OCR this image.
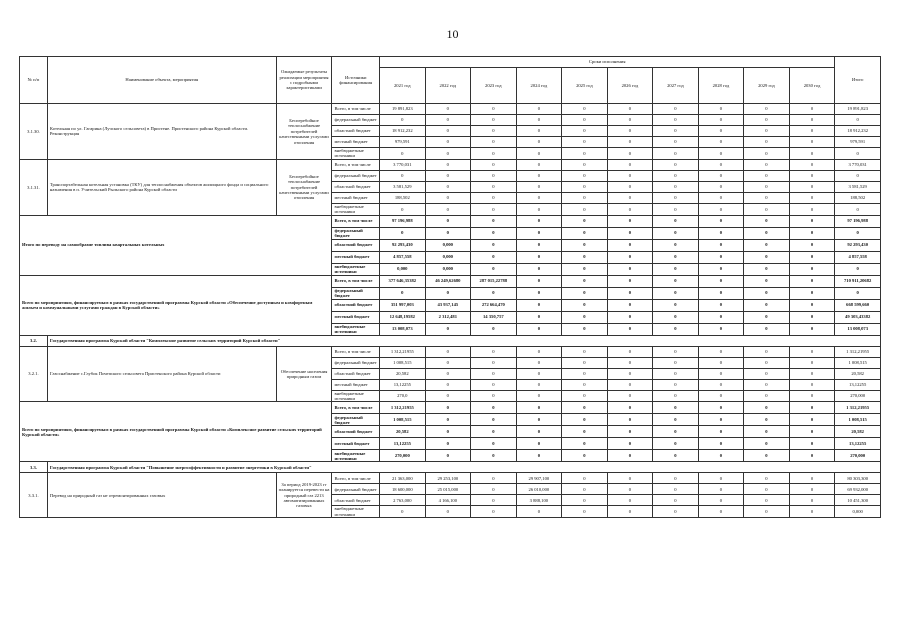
10
№ п/п	Наименование объекта, мероприятия	Ожидаемые результаты реализации мероприятия с подробными характеристиками	Источники финансирования	Сроки исполнения										Итого
				2021 год	2022 год	2023 год	2024 год	2025 год	2026 год	2027 год	2028 год	2029 год	2030 год	
3.1.30.	Котельная по ул. Гагарина (Лучского сельсовета) в Пристене. Пристенского района Курской области. Реконструкция	Бесперебойное теплоснабжение потребителей качественными услугами отопления	Всего, в том числе	19 891,823	0	0	0	0	0	0	0	0	0	19 891,823
			федеральный бюджет	0	0	0	0	0	0	0	0	0	0	0
			областной бюджет	18 912,232	0	0	0	0	0	0	0	0	0	18 912,232
			местный бюджет	979,591	0	0	0	0	0	0	0	0	0	979,591
			внебюджетные источники	0	0	0	0	0	0	0	0	0	0	0
3.1.31.	Транспортабельная котельная установка (ТКУ) для теплоснабжения объектов жилищного фонда и социального назначения в п. Учительский Рыльского района Курской области	Бесперебойное теплоснабжение потребителей качественными услугами отопления	Всего, в том числе	3 770,031	0	0	0	0	0	0	0	0	0	3 770,031
			федеральный бюджет	0	0	0	0	0	0	0	0	0	0	0
			областной бюджет	3 581,529	0	0	0	0	0	0	0	0	0	3 581,529
			местный бюджет	188,502	0	0	0	0	0	0	0	0	0	188,502
			внебюджетные источники	0	0	0	0	0	0	0	0	0	0	0
Итого по переводу на самообразие топлива квартальных котельных			Всего, в том числе	97 196,988	0	0	0	0	0	0	0	0	0	97 196,988
			федеральный бюджет	0	0	0	0	0	0	0	0	0	0	0
			областной бюджет	92 293,430	0,000	0	0	0	0	0	0	0	0	92 293,430
			местный бюджет	4 857,558	0,000	0	0	0	0	0	0	0	0	4 857,558
			внебюджетные источники	0,000	0,000	0	0	0	0	0	0	0	0	0
Всего по мероприятиям, финансируемым в рамках государственной программы Курской области «Обеспечение доступным и комфортным жильем и коммунальными услугами граждан в Курской области»			Всего, в том числе	377 646,35382	46 249,62680	287 015,22788	0	0	0	0	0	0	0	710 911,20682
			федеральный бюджет	0	0	0	0	0	0	0	0	0	0	0
			областной бюджет	351 997,003	43 937,145	272 664,470	0	0	0	0	0	0	0	668 599,660
			местный бюджет	12 648,19582	2 312,481	14 350,757	0	0	0	0	0	0	0	49 303,43382
			внебюджетные источники	13 008,073	0	0	0	0	0	0	0	0	0	13 008,073
3.2.	Государственная программа Курской области "Комплексное развитие сельских территорий Курской области"													
3.2.1.	Газоснабжение с.Глубок Почепского сельсовета Пристенского района Курской области	Обеспечение населения природным газом	Всего, в том числе	1 312,21955	0	0	0	0	0	0	0	0	0	1 312,21955
			федеральный бюджет	1 008,515	0	0	0	0	0	0	0	0	0	1 008,515
			областной бюджет	20,582	0	0	0	0	0	0	0	0	0	20,582
			местный бюджет	13,12255	0	0	0	0	0	0	0	0	0	13,12255
			внебюджетные источники	270,0	0	0	0	0	0	0	0	0	0	270,000
Всего по мероприятиям, финансируемым в рамках государственной программы Курской области «Комплексное развитие сельских территорий Курской области»			Всего, в том числе	1 312,21955	0	0	0	0	0	0	0	0	0	1 312,21955
			федеральный бюджет	1 008,515	0	0	0	0	0	0	0	0	0	1 008,515
			областной бюджет	20,582	0	0	0	0	0	0	0	0	0	20,582
			местный бюджет	13,12255	0	0	0	0	0	0	0	0	0	13,12255
			внебюджетные источники	270,000	0	0	0	0	0	0	0	0	0	270,000
3.3.	Государственная программа Курской области "Повышение энергоэффективности и развитие энергетики в Курской области"													
3.3.1.	Перевод на природный газ не отремонтированных газовых	За период 2019-2023 гг планируется перевести на природный газ 2213 автоматизированных газовых	Всего, в том числе	21 363,000	29 253,100	0	29 907,100	0	0	0	0	0	0	80 303,300
			федеральный бюджет	18 600,000	25 015,000	0	26 010,000	0	0	0	0	0	0	69 932,000
			областной бюджет	2 763,000	4 166,100	0	3 888,100	0	0	0	0	0	0	10 451,300
			внебюджетные источники	0	0	0	0	0	0	0	0	0	0	0,000
